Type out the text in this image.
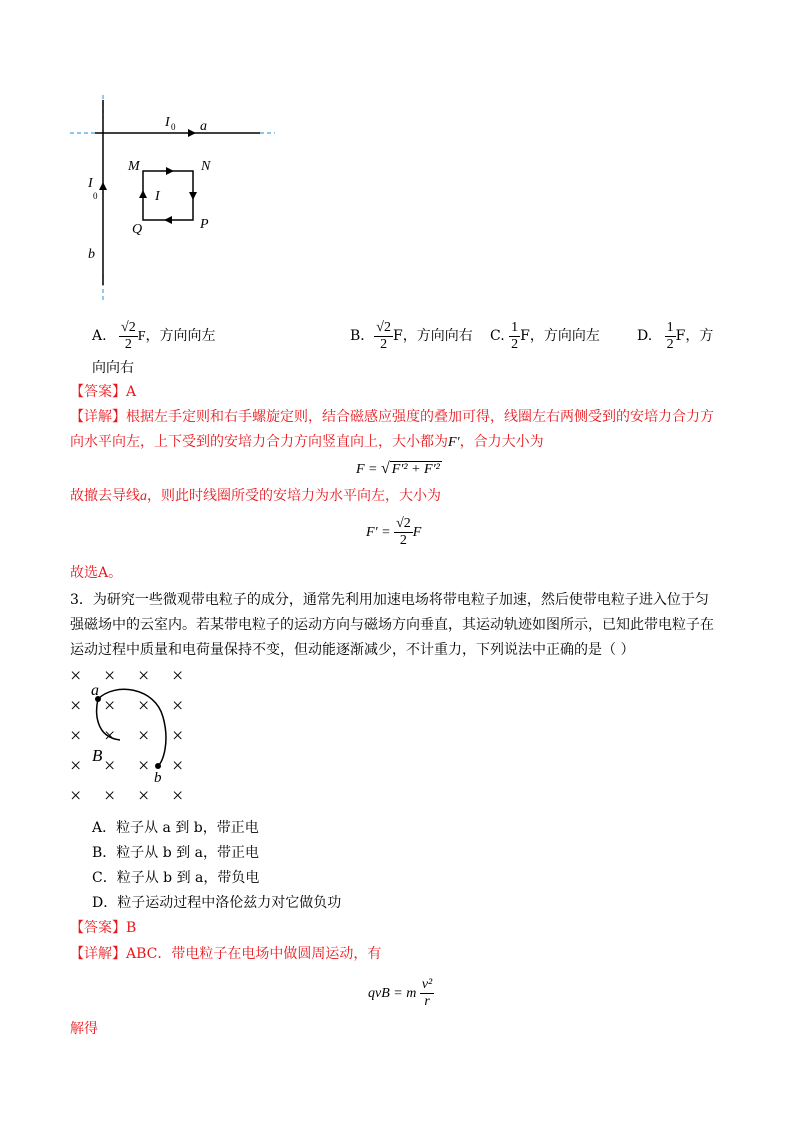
I 0 a
M	N
I
Q	P
I
0
b
A. $\frac{√2}{2}$ F，方向向左	B． $\frac{√2}{2}$ F，方向向右 C. $\frac{1}{2}$ F，方向向左	D. $\frac{1}{2}$ F，方
向向右
【答案】A
【详解】根据左手定则和右手螺旋定则，结合磁感应强度的叠加可得，线圈左右两侧受到的安培力合力方
向水平向左，上下受到的安培力合力方向竖直向上，大小都为F′，合力大小为
F = √ F′² + F′²
故撤去导线a，则此时线圈所受的安培力为水平向左，大小为
$F' = \frac{√2}{2}$ F
故选A。
3．为研究一些微观带电粒子的成分，通常先利用加速电场将带电粒子加速，然后使带电粒子进入位于匀
强磁场中的云室内。若某带电粒子的运动方向与磁场方向垂直，其运动轨迹如图所示，已知此带电粒子在
运动过程中质量和电荷量保持不变，但动能逐渐减少，不计重力，下列说法中正确的是（ ）
× × × ×
× × × ×
× × × ×
× × × ×
× × × ×
a
B
b
A．粒子从 a 到 b，带正电
B．粒子从 b 到 a，带正电
C．粒子从 b 到 a，带负电
D．粒子运动过程中洛伦兹力对它做负功
【答案】B
【详解】ABC．带电粒子在电场中做圆周运动，有
qvB = m $\frac{\text{v²}}{r}$
解得
